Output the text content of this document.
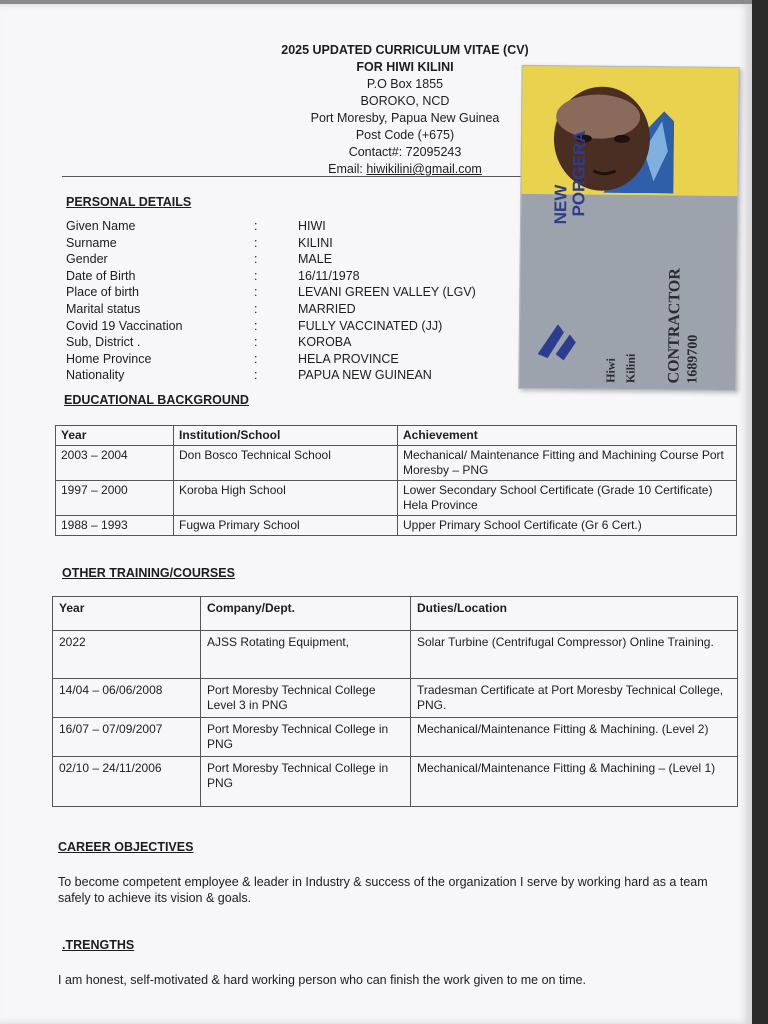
2025 UPDATED CURRICULUM VITAE (CV)
FOR HIWI KILINI
P.O Box 1855
BOROKO, NCD
Port Moresby, Papua New Guinea
Post Code (+675)
Contact#: 72095243
Email: hiwikilini@gmail.com
PERSONAL DETAILS
Given Name	:	HIWI
Surname	:	KILINI
Gender	:	MALE
Date of Birth	:	16/11/1978
Place of birth	:	LEVANI GREEN VALLEY (LGV)
Marital status	:	MARRIED
Covid 19 Vaccination	:	FULLY VACCINATED (JJ)
Sub, District .	:	KOROBA
Home Province	:	HELA PROVINCE
Nationality	:	PAPUA NEW GUINEAN
NEW
PORGERA
Hiwi Kilini CONTRACTOR 1689700
EDUCATIONAL BACKGROUND
Year	Institution/School	Achievement
2003 – 2004	Don Bosco Technical School	Mechanical/ Maintenance Fitting and Machining Course Port Moresby – PNG
1997 – 2000	Koroba High School	Lower Secondary School Certificate (Grade 10 Certificate) Hela Province
1988 – 1993	Fugwa Primary School	Upper Primary School Certificate (Gr 6 Cert.)
OTHER TRAINING/COURSES
Year	Company/Dept.	Duties/Location
2022	AJSS Rotating Equipment,	Solar Turbine (Centrifugal Compressor) Online Training.
14/04 – 06/06/2008	Port Moresby Technical College Level 3 in PNG	Tradesman Certificate at Port Moresby Technical College, PNG.
16/07 – 07/09/2007	Port Moresby Technical College in PNG	Mechanical/Maintenance Fitting & Machining. (Level 2)
02/10 – 24/11/2006	Port Moresby Technical College in PNG	Mechanical/Maintenance Fitting & Machining – (Level 1)
CAREER OBJECTIVES
To become competent employee & leader in Industry & success of the organization I serve by working hard as a team safely to achieve its vision & goals.
.TRENGTHS
I am honest, self-motivated & hard working person who can finish the work given to me on time.
